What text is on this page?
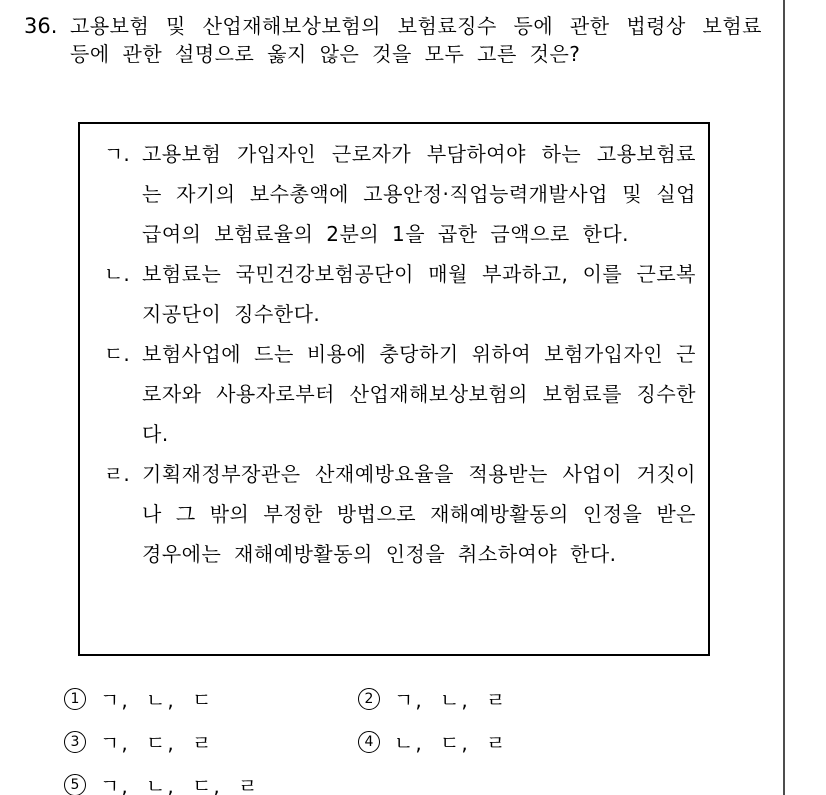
36. 고용보험 및 산업재해보상보험의 보험료징수 등에 관한 법령상 보험료 등에 관한 설명으로 옳지 않은 것을 모두 고른 것은?
ㄱ. 고용보험 가입자인 근로자가 부담하여야 하는 고용보험료는 자기의 보수총액에 고용안정·직업능력개발사업 및 실업급여의 보험료율의 2분의 1을 곱한 금액으로 한다.
ㄴ. 보험료는 국민건강보험공단이 매월 부과하고, 이를 근로복지공단이 징수한다.
ㄷ. 보험사업에 드는 비용에 충당하기 위하여 보험가입자인 근로자와 사용자로부터 산업재해보상보험의 보험료를 징수한다.
ㄹ. 기획재정부장관은 산재예방요율을 적용받는 사업이 거짓이나 그 밖의 부정한 방법으로 재해예방활동의 인정을 받은 경우에는 재해예방활동의 인정을 취소하여야 한다.
1	ㄱ, ㄴ, ㄷ	2	ㄱ, ㄴ, ㄹ
3	ㄱ, ㄷ, ㄹ	4	ㄴ, ㄷ, ㄹ
5	ㄱ, ㄴ, ㄷ, ㄹ
